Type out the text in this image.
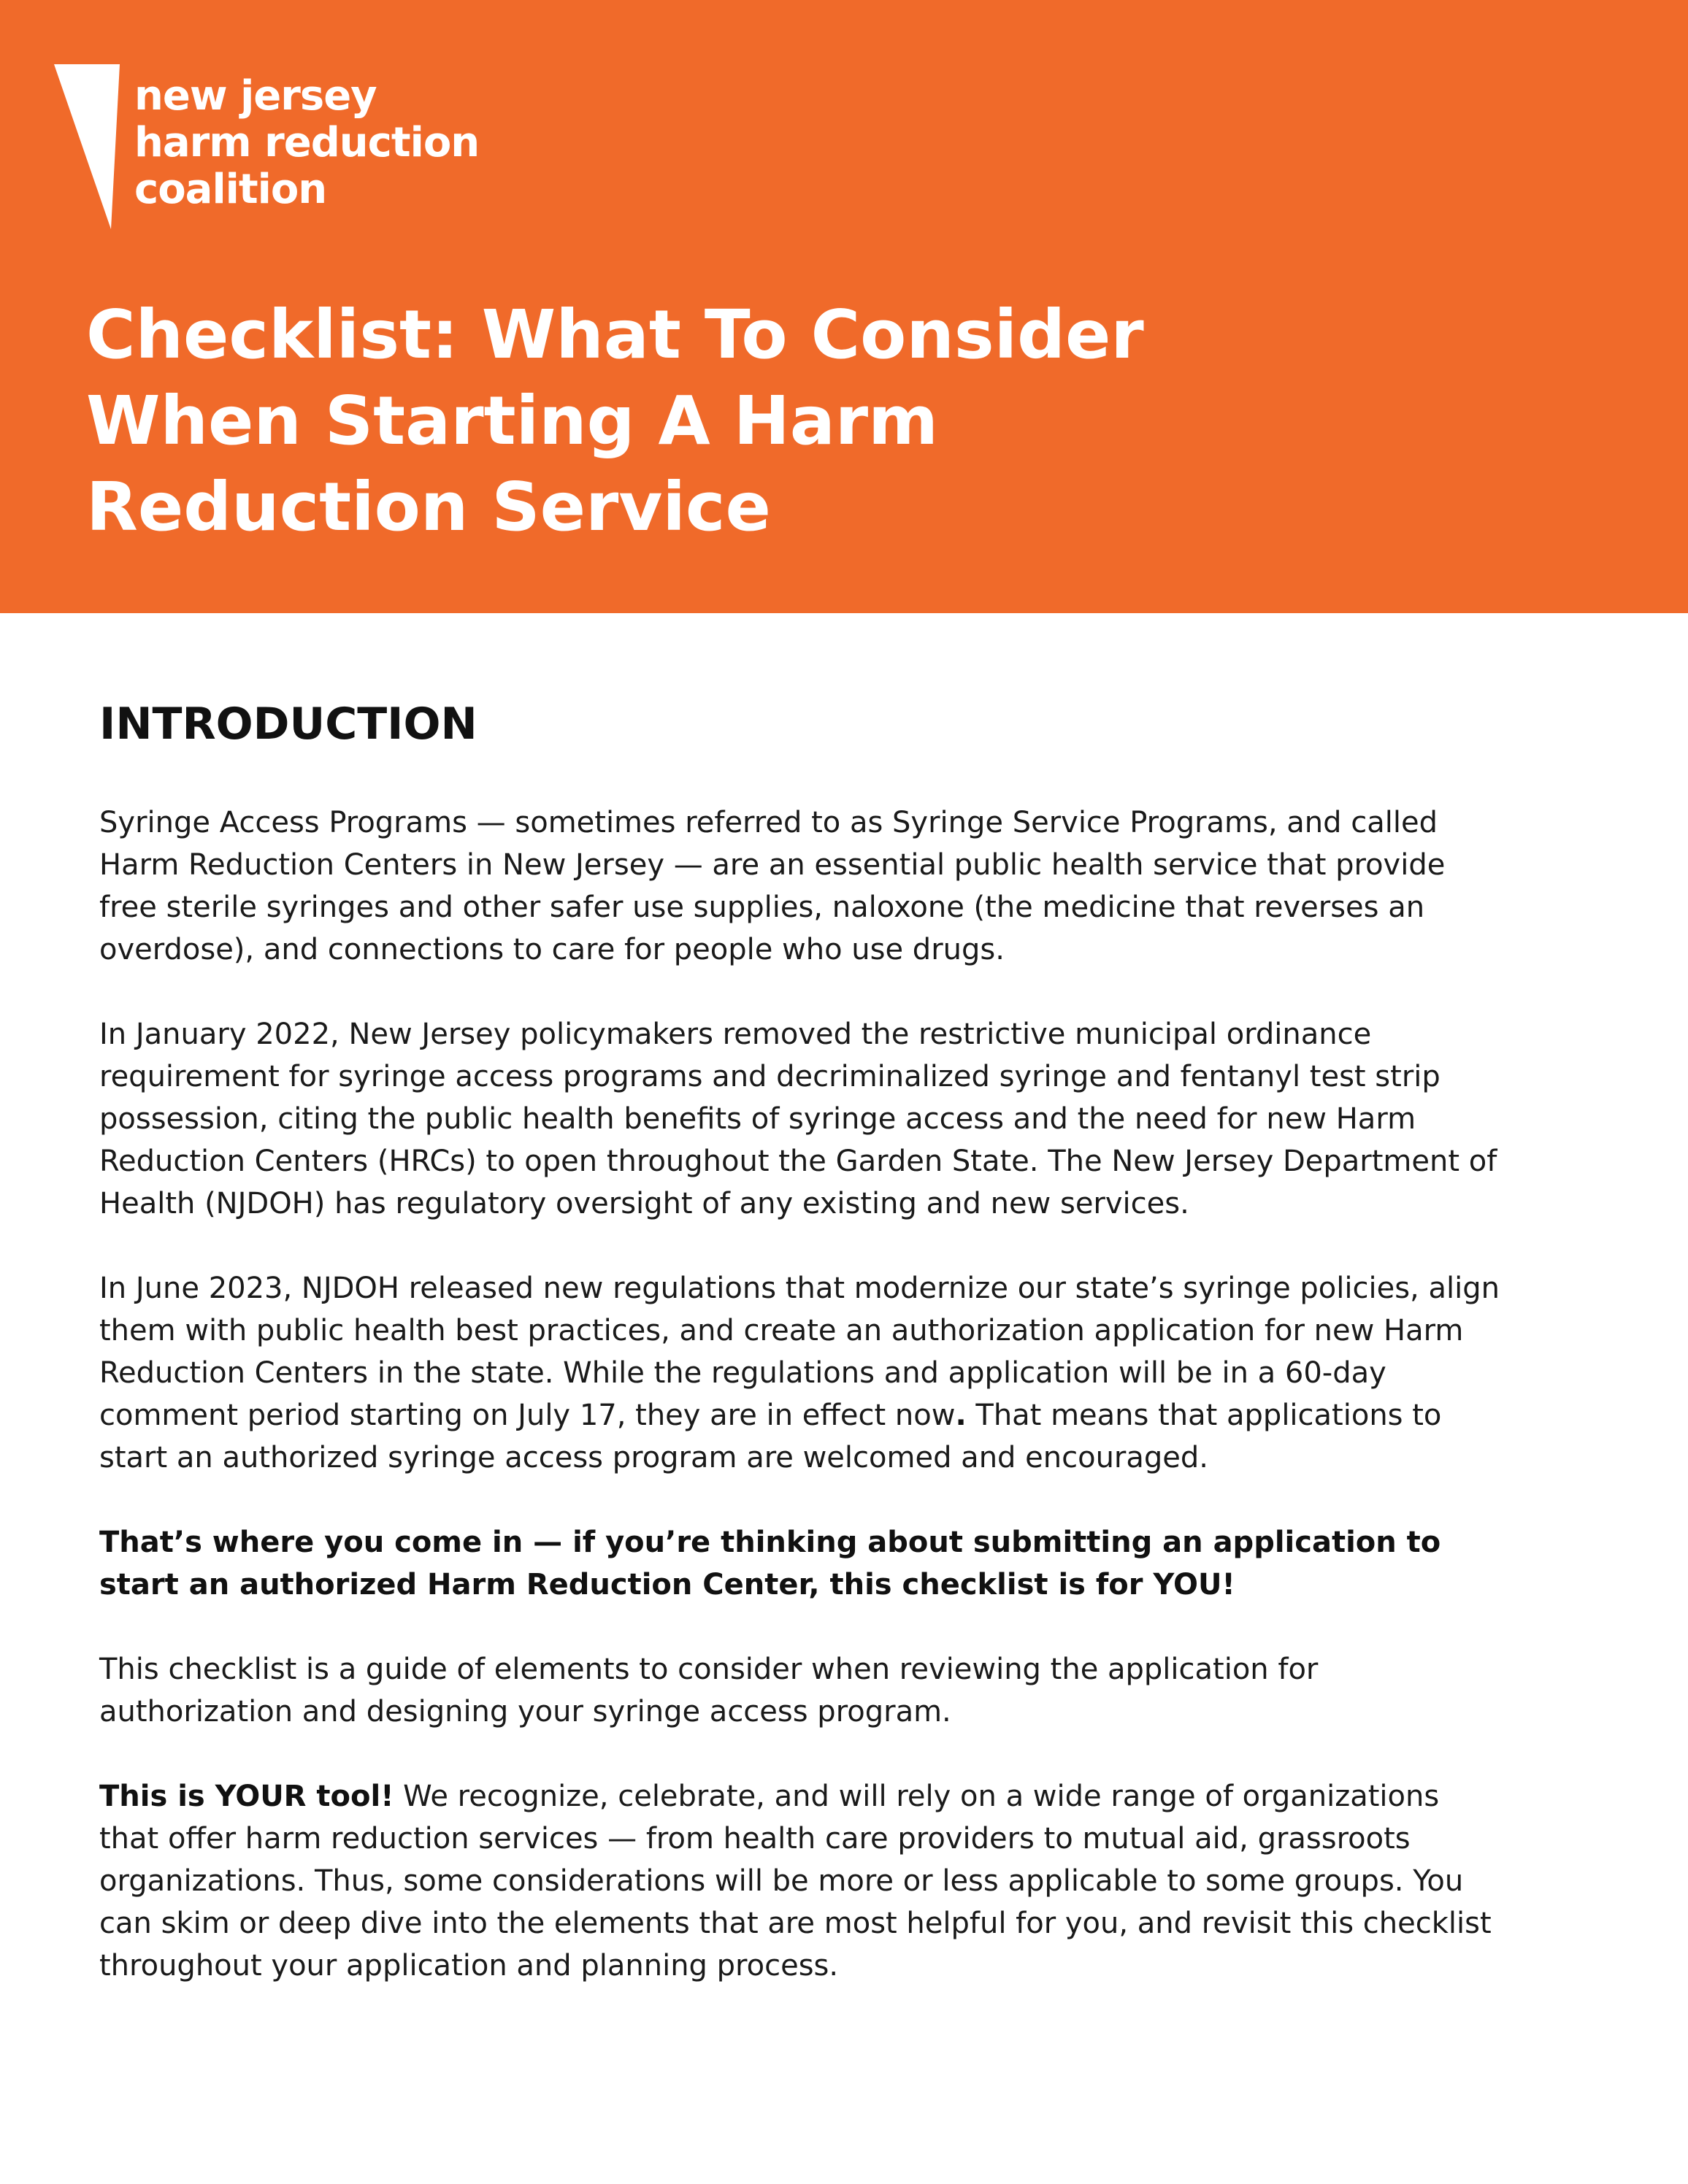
new jersey
harm reduction
coalition
Checklist: What To Consider
When Starting A Harm
Reduction Service
INTRODUCTION

Syringe Access Programs — sometimes referred to as Syringe Service Programs, and called Harm Reduction Centers in New Jersey — are an essential public health service that provide free sterile syringes and other safer use supplies, naloxone (the medicine that reverses an overdose), and connections to care for people who use drugs.

In January 2022, New Jersey policymakers removed the restrictive municipal ordinance requirement for syringe access programs and decriminalized syringe and fentanyl test strip possession, citing the public health benefits of syringe access and the need for new Harm Reduction Centers (HRCs) to open throughout the Garden State. The New Jersey Department of Health (NJDOH) has regulatory oversight of any existing and new services.

In June 2023, NJDOH released new regulations that modernize our state’s syringe policies, align them with public health best practices, and create an authorization application for new Harm Reduction Centers in the state. While the regulations and application will be in a 60-day comment period starting on July 17, they are in effect now. That means that applications to start an authorized syringe access program are welcomed and encouraged.

That’s where you come in — if you’re thinking about submitting an application to start an authorized Harm Reduction Center, this checklist is for YOU!

This checklist is a guide of elements to consider when reviewing the application for authorization and designing your syringe access program.

This is YOUR tool! We recognize, celebrate, and will rely on a wide range of organizations that offer harm reduction services — from health care providers to mutual aid, grassroots organizations. Thus, some considerations will be more or less applicable to some groups. You can skim or deep dive into the elements that are most helpful for you, and revisit this checklist throughout your application and planning process.
